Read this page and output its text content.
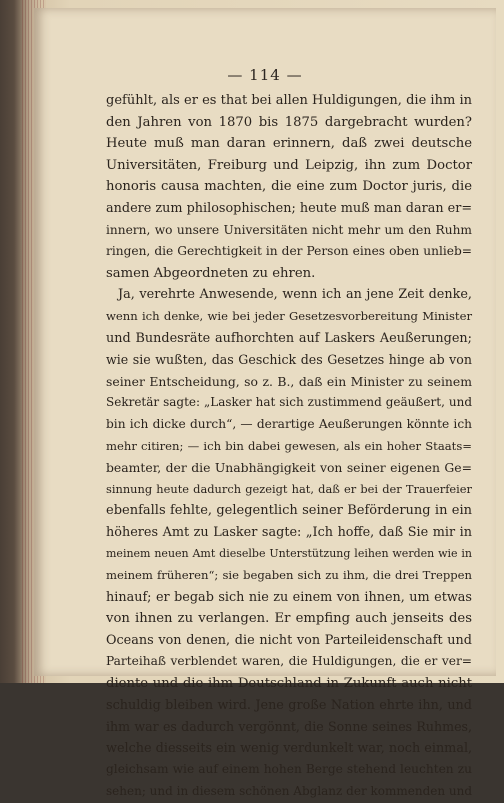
— 114 —
gefühlt, als er es that bei allen Huldigungen, die ihm in
den Jahren von 1870 bis 1875 dargebracht wurden?
Heute muß man daran erinnern, daß zwei deutsche
Universitäten, Freiburg und Leipzig, ihn zum Doctor
honoris causa machten, die eine zum Doctor juris, die
andere zum philosophischen; heute muß man daran er=
innern, wo unsere Universitäten nicht mehr um den Ruhm
ringen, die Gerechtigkeit in der Person eines oben unlieb=
samen Abgeordneten zu ehren.
Ja, verehrte Anwesende, wenn ich an jene Zeit denke,
wenn ich denke, wie bei jeder Gesetzesvorbereitung Minister
und Bundesräte aufhorchten auf Laskers Aeußerungen;
wie sie wußten, das Geschick des Gesetzes hinge ab von
seiner Entscheidung, so z. B., daß ein Minister zu seinem
Sekretär sagte: „Lasker hat sich zustimmend geäußert, und
bin ich dicke durch“, — derartige Aeußerungen könnte ich
mehr citiren; — ich bin dabei gewesen, als ein hoher Staats=
beamter, der die Unabhängigkeit von seiner eigenen Ge=
sinnung heute dadurch gezeigt hat, daß er bei der Trauerfeier
ebenfalls fehlte, gelegentlich seiner Beförderung in ein
höheres Amt zu Lasker sagte: „Ich hoffe, daß Sie mir in
meinem neuen Amt dieselbe Unterstützung leihen werden wie in
meinem früheren“; sie begaben sich zu ihm, die drei Treppen
hinauf; er begab sich nie zu einem von ihnen, um etwas
von ihnen zu verlangen. Er empfing auch jenseits des
Oceans von denen, die nicht von Parteileidenschaft und
Parteihaß verblendet waren, die Huldigungen, die er ver=
diente und die ihm Deutschland in Zukunft auch nicht
schuldig bleiben wird. Jene große Nation ehrte ihn, und
ihm war es dadurch vergönnt, die Sonne seines Ruhmes,
welche diesseits ein wenig verdunkelt war, noch einmal,
gleichsam wie auf einem hohen Berge stehend leuchten zu
sehen; und in diesem schönen Abglanz der kommenden und
